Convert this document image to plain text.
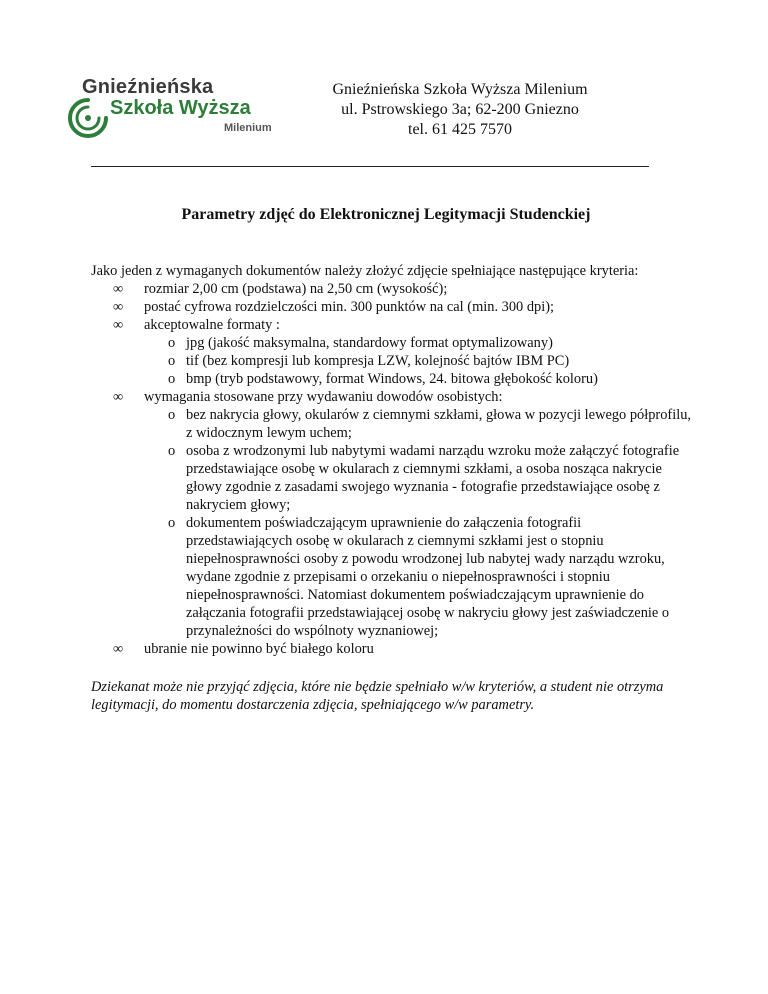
Gnieźnieńska
Szkoła Wyższa
Milenium
Gnieźnieńska Szkoła Wyższa Milenium
ul. Pstrowskiego 3a; 62-200 Gniezno
tel. 61 425 7570
Parametry zdjęć do Elektronicznej Legitymacji Studenckiej

Jako jeden z wymaganych dokumentów należy złożyć zdjęcie spełniające następujące kryteria:

∞ rozmiar 2,00 cm (podstawa) na 2,50 cm (wysokość);
∞ postać cyfrowa rozdzielczości min. 300 punktów na cal (min. 300 dpi);
∞ akceptowalne formaty :
o jpg (jakość maksymalna, standardowy format optymalizowany)
o tif (bez kompresji lub kompresja LZW, kolejność bajtów IBM PC)
o bmp (tryb podstawowy, format Windows, 24. bitowa głębokość koloru)
∞ wymagania stosowane przy wydawaniu dowodów osobistych:
o bez nakrycia głowy, okularów z ciemnymi szkłami, głowa w pozycji lewego półprofilu, z widocznym lewym uchem;
o osoba z wrodzonymi lub nabytymi wadami narządu wzroku może załączyć fotografie przedstawiające osobę w okularach z ciemnymi szkłami, a osoba nosząca nakrycie głowy zgodnie z zasadami swojego wyznania - fotografie przedstawiające osobę z nakryciem głowy;
o dokumentem poświadczającym uprawnienie do załączenia fotografii przedstawiających osobę w okularach z ciemnymi szkłami jest o stopniu niepełnosprawności osoby z powodu wrodzonej lub nabytej wady narządu wzroku, wydane zgodnie z przepisami o orzekaniu o niepełnosprawności i stopniu niepełnosprawności. Natomiast dokumentem poświadczającym uprawnienie do załączania fotografii przedstawiającej osobę w nakryciu głowy jest zaświadczenie o przynależności do wspólnoty wyznaniowej;
∞ ubranie nie powinno być białego koloru
Dziekanat może nie przyjąć zdjęcia, które nie będzie spełniało w/w kryteriów, a student nie otrzyma legitymacji, do momentu dostarczenia zdjęcia, spełniającego w/w parametry.
